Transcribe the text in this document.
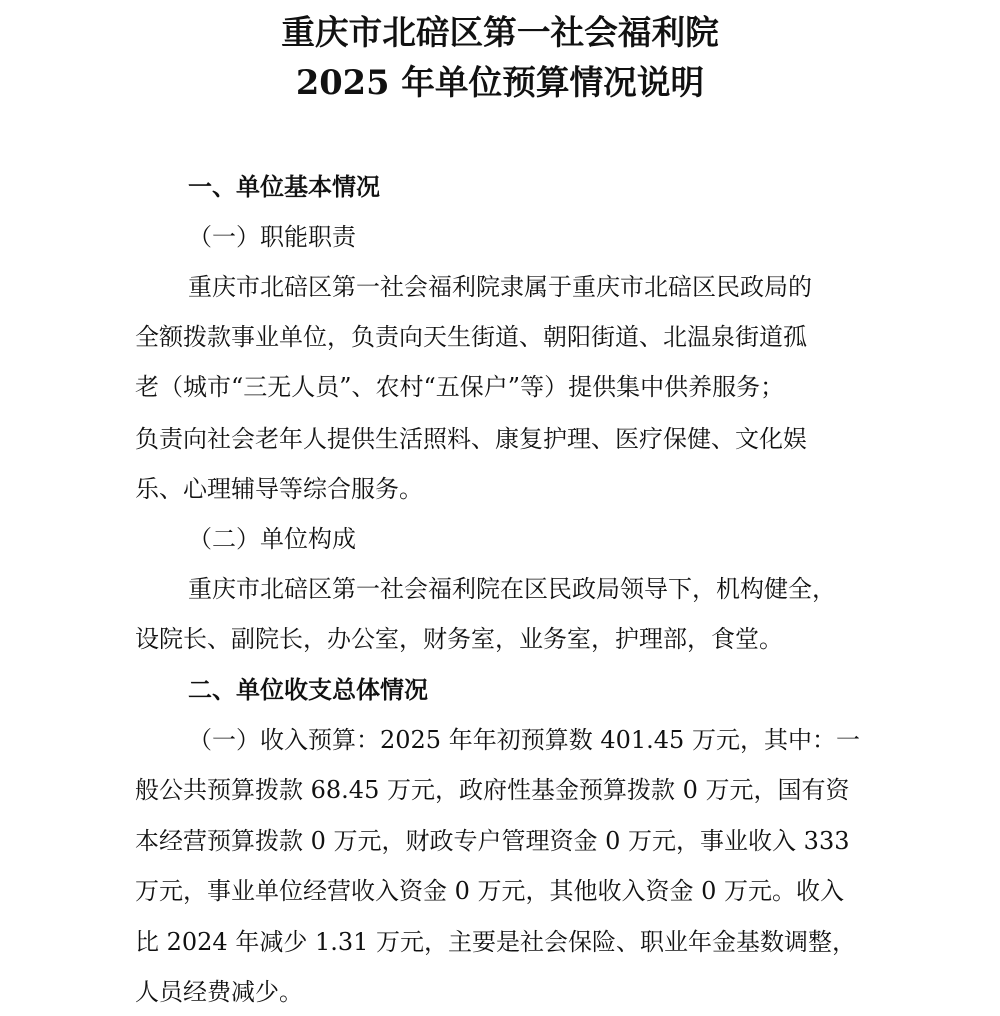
重庆市北碚区第一社会福利院
2025 年单位预算情况说明
一、单位基本情况
（一）职能职责
重庆市北碚区第一社会福利院隶属于重庆市北碚区民政局的
全额拨款事业单位，负责向天生街道、朝阳街道、北温泉街道孤
老（城市“三无人员”、农村“五保户”等）提供集中供养服务；
负责向社会老年人提供生活照料、康复护理、医疗保健、文化娱
乐、心理辅导等综合服务。
（二）单位构成
重庆市北碚区第一社会福利院在区民政局领导下，机构健全，
设院长、副院长，办公室，财务室，业务室，护理部，食堂。
二、单位收支总体情况
（一）收入预算：2025 年年初预算数 401.45 万元，其中：一
般公共预算拨款 68.45 万元，政府性基金预算拨款 0 万元，国有资
本经营预算拨款 0 万元，财政专户管理资金 0 万元，事业收入 333
万元，事业单位经营收入资金 0 万元，其他收入资金 0 万元。收入
比 2024 年减少 1.31 万元，主要是社会保险、职业年金基数调整，
人员经费减少。
